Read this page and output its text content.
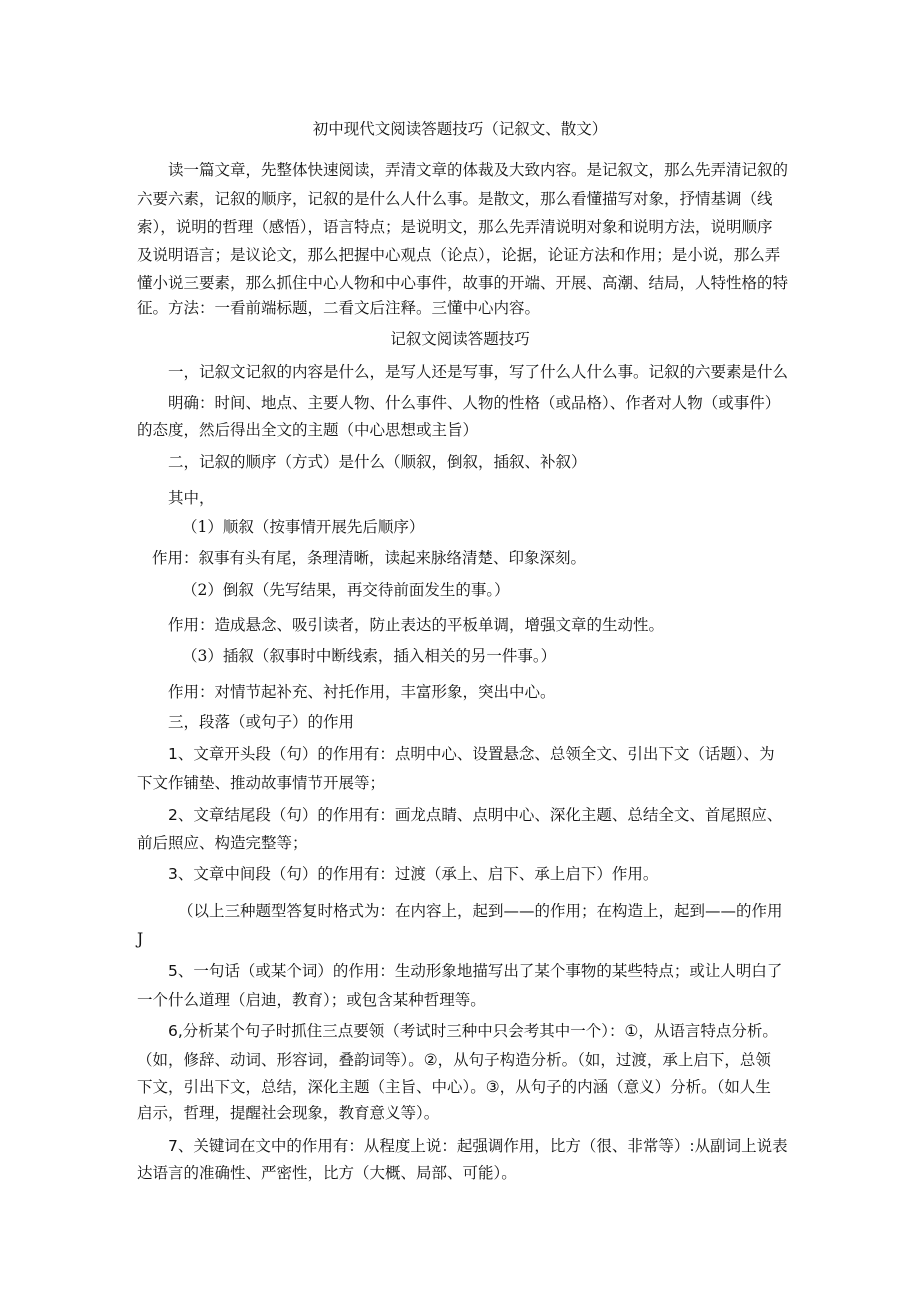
初中现代文阅读答题技巧（记叙文、散文）

读一篇文章，先整体快速阅读，弄清文章的体裁及大致内容。是记叙文，那么先弄清记叙的

六要六素，记叙的顺序，记叙的是什么人什么事。是散文，那么看懂描写对象，抒情基调（线

索），说明的哲理（感悟），语言特点；是说明文，那么先弄清说明对象和说明方法，说明顺序

及说明语言；是议论文，那么把握中心观点（论点），论据，论证方法和作用；是小说，那么弄

懂小说三要素，那么抓住中心人物和中心事件，故事的开端、开展、高潮、结局，人特性格的特

征。方法：一看前端标题，二看文后注释。三懂中心内容。

记叙文阅读答题技巧

一，记叙文记叙的内容是什么，是写人还是写事，写了什么人什么事。记叙的六要素是什么

明确：时间、地点、主要人物、什么事件、人物的性格（或品格）、作者对人物（或事件）

的态度，然后得出全文的主题（中心思想或主旨）

二，记叙的顺序（方式）是什么（顺叙，倒叙，插叙、补叙）

其中，

（1）顺叙（按事情开展先后顺序）

作用：叙事有头有尾，条理清晰，读起来脉络清楚、印象深刻。

（2）倒叙（先写结果，再交待前面发生的事。）

作用：造成悬念、吸引读者，防止表达的平板单调，增强文章的生动性。

（3）插叙（叙事时中断线索，插入相关的另一件事。）

作用：对情节起补充、衬托作用，丰富形象，突出中心。

三，段落（或句子）的作用

1、文章开头段（句）的作用有：点明中心、设置悬念、总领全文、引出下文（话题）、为

下文作铺垫、推动故事情节开展等；

2、文章结尾段（句）的作用有：画龙点睛、点明中心、深化主题、总结全文、首尾照应、

前后照应、构造完整等；

3、文章中间段（句）的作用有：过渡（承上、启下、承上启下）作用。

（以上三种题型答复时格式为：在内容上，起到——的作用；在构造上，起到——的作用

J

5、一句话（或某个词）的作用：生动形象地描写出了某个事物的某些特点；或让人明白了

一个什么道理（启迪，教育）；或包含某种哲理等。

6,分析某个句子时抓住三点要领（考试时三种中只会考其中一个）：①，从语言特点分析。

（如，修辞、动词、形容词，叠韵词等）。②，从句子构造分析。（如，过渡，承上启下，总领

下文，引出下文，总结，深化主题（主旨、中心）。③，从句子的内涵（意义）分析。（如人生

启示，哲理，提醒社会现象，教育意义等）。

7、关键词在文中的作用有：从程度上说：起强调作用，比方（很、非常等）:从副词上说表

达语言的准确性、严密性，比方（大概、局部、可能）。
